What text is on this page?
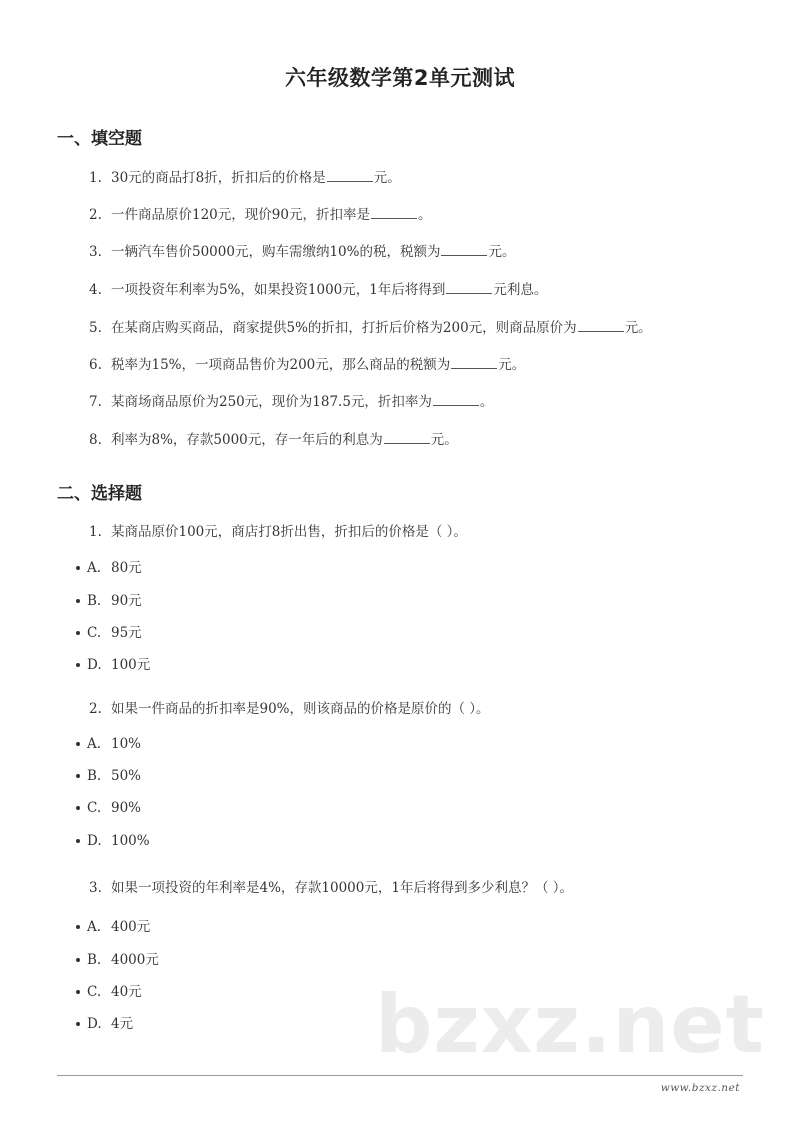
六年级数学第2单元测试
一、填空题
1. 30元的商品打8折，折扣后的价格是	元。
2. 一件商品原价120元，现价90元，折扣率是	。
3. 一辆汽车售价50000元，购车需缴纳10%的税，税额为	元。
4. 一项投资年利率为5%，如果投资1000元，1年后将得到	元利息。
5. 在某商店购买商品，商家提供5%的折扣，打折后价格为200元，则商品原价为	元。
6. 税率为15%，一项商品售价为200元，那么商品的税额为	元。
7. 某商场商品原价为250元，现价为187.5元，折扣率为	。
8. 利率为8%，存款5000元，存一年后的利息为	元。
二、选择题
1. 某商品原价100元，商店打8折出售，折扣后的价格是（ ）。
A. 80元
B. 90元
C. 95元
D. 100元
2. 如果一件商品的折扣率是90%，则该商品的价格是原价的（ ）。
A. 10%
B. 50%
C. 90%
D. 100%
3. 如果一项投资的年利率是4%，存款10000元，1年后将得到多少利息？（ ）。
A. 400元
B. 4000元
C. 40元
D. 4元	bzxz.net
www.bzxz.net
